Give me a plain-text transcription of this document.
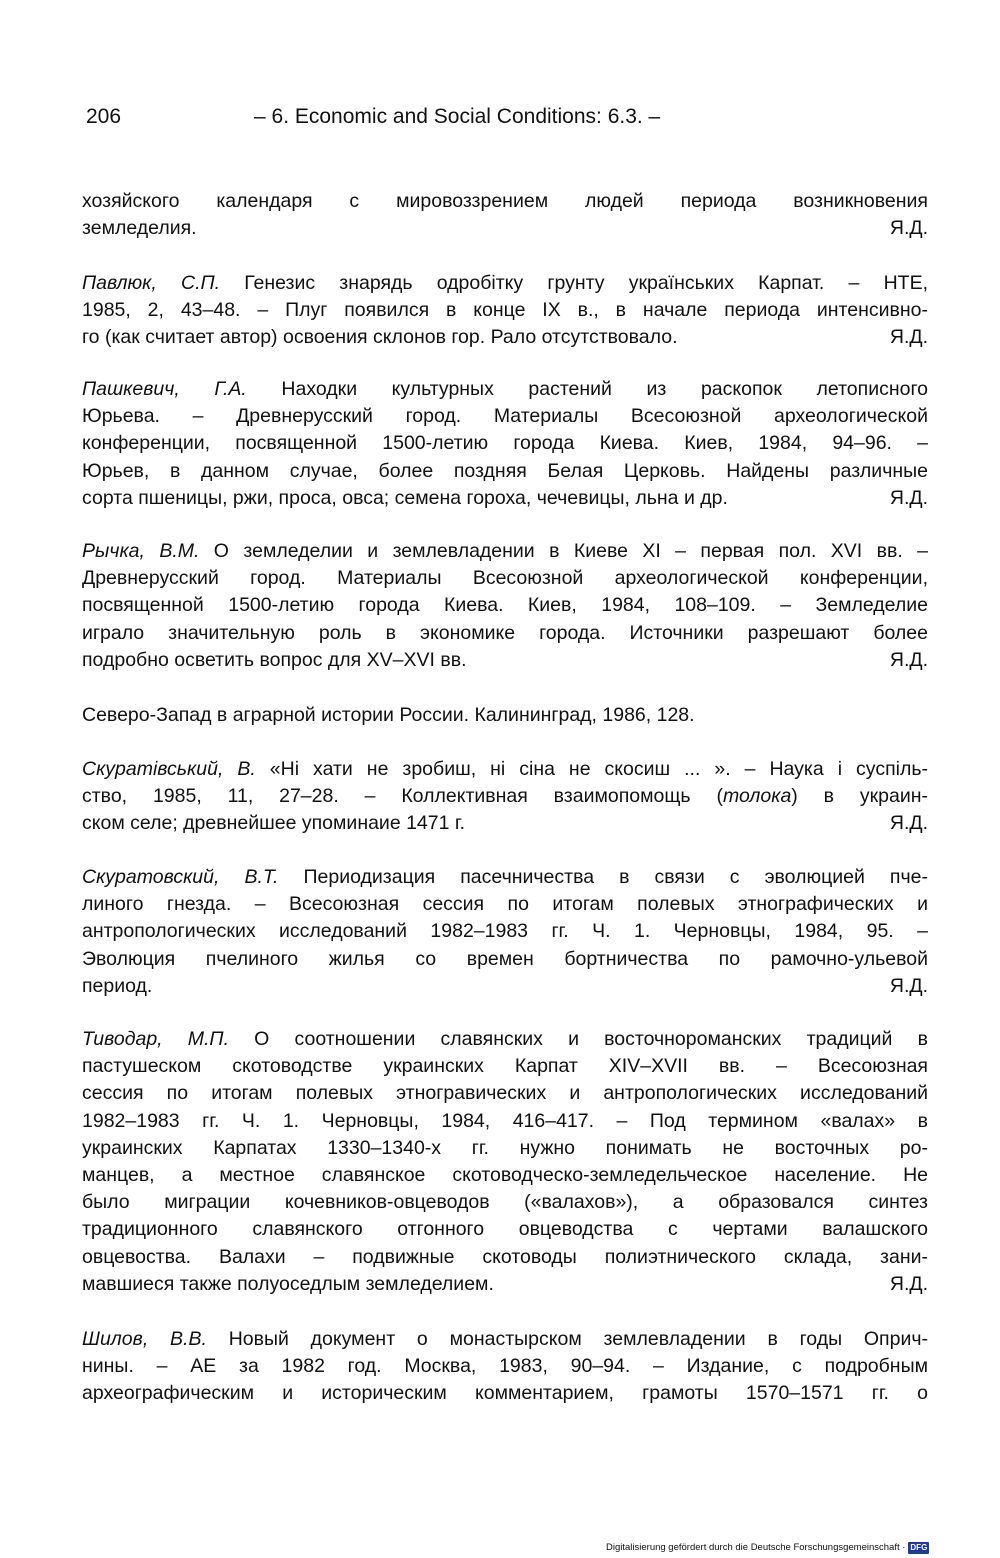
206	– 6. Economic and Social Conditions: 6.3. –
хозяйского календаря с мировоззрением людей периода возникновения
земледелия.	Я.Д.
Павлюк, С.П. Генезис знарядь одробітку грунту українських Карпат. – НТЕ,
1985, 2, 43–48. – Плуг появился в конце IX в., в начале периода интенсивно-
го (как считает автор) освоения склонов гор. Рало отсутствовало.	Я.Д.
Пашкевич, Г.А. Находки культурных растений из раскопок летописного
Юрьева. – Древнерусский город. Материалы Всесоюзной археологической
конференции, посвященной 1500-летию города Киева. Киев, 1984, 94–96. –
Юрьев, в данном случае, более поздняя Белая Церковь. Найдены различные
сорта пшеницы, ржи, проса, овса; семена гороха, чечевицы, льна и др.	Я.Д.
Рычка, В.М. О земледелии и землевладении в Киеве XI – первая пол. XVI вв. –
Древнерусский город. Материалы Всесоюзной археологической конференции,
посвященной 1500-летию города Киева. Киев, 1984, 108–109. – Земледелие
играло значительную роль в экономике города. Источники разрешают более
подробно осветить вопрос для XV–XVI вв.	Я.Д.
Северо-Запад в аграрной истории России. Калининград, 1986, 128.
Скуратівський, В. «Ні хати не зробиш, ні сіна не скосиш ... ». – Наука і суспіль-
ство, 1985, 11, 27–28. – Коллективная взаимопомощь (толока) в украин-
ском селе; древнейшее упоминаие 1471 г.	Я.Д.
Скуратовский, В.Т. Периодизация пасечничества в связи с эволюцией пче-
линого гнезда. – Всесоюзная сессия по итогам полевых этнографических и
антропологических исследований 1982–1983 гг. Ч. 1. Черновцы, 1984, 95. –
Эволюция пчелиного жилья со времен бортничества по рамочно-ульевой
период.	Я.Д.
Тиводар, М.П. О соотношении славянских и восточнороманских традиций в
пастушеском скотоводстве украинских Карпат XIV–XVII вв. – Всесоюзная
сессия по итогам полевых этногравических и антропологических исследований
1982–1983 гг. Ч. 1. Черновцы, 1984, 416–417. – Под термином «валах» в
украинских Карпатах 1330–1340-х гг. нужно понимать не восточных ро-
манцев, а местное славянское скотоводческо-земледельческое население. Не
было миграции кочевников-овцеводов («валахов»), а образовался синтез
традиционного славянского отгонного овцеводства с чертами валашского
овцевоства. Валахи – подвижные скотоводы полиэтнического склада, зани-
мавшиеся также полуоседлым земледелием.	Я.Д.
Шилов, В.В. Новый документ о монастырском землевладении в годы Оприч-
нины. – АЕ за 1982 год. Москва, 1983, 90–94. – Издание, с подробным
археографическим и историческим комментарием, грамоты 1570–1571 гг. о
Digitalisierung gefördert durch die Deutsche Forschungsgemeinschaft · DFG
